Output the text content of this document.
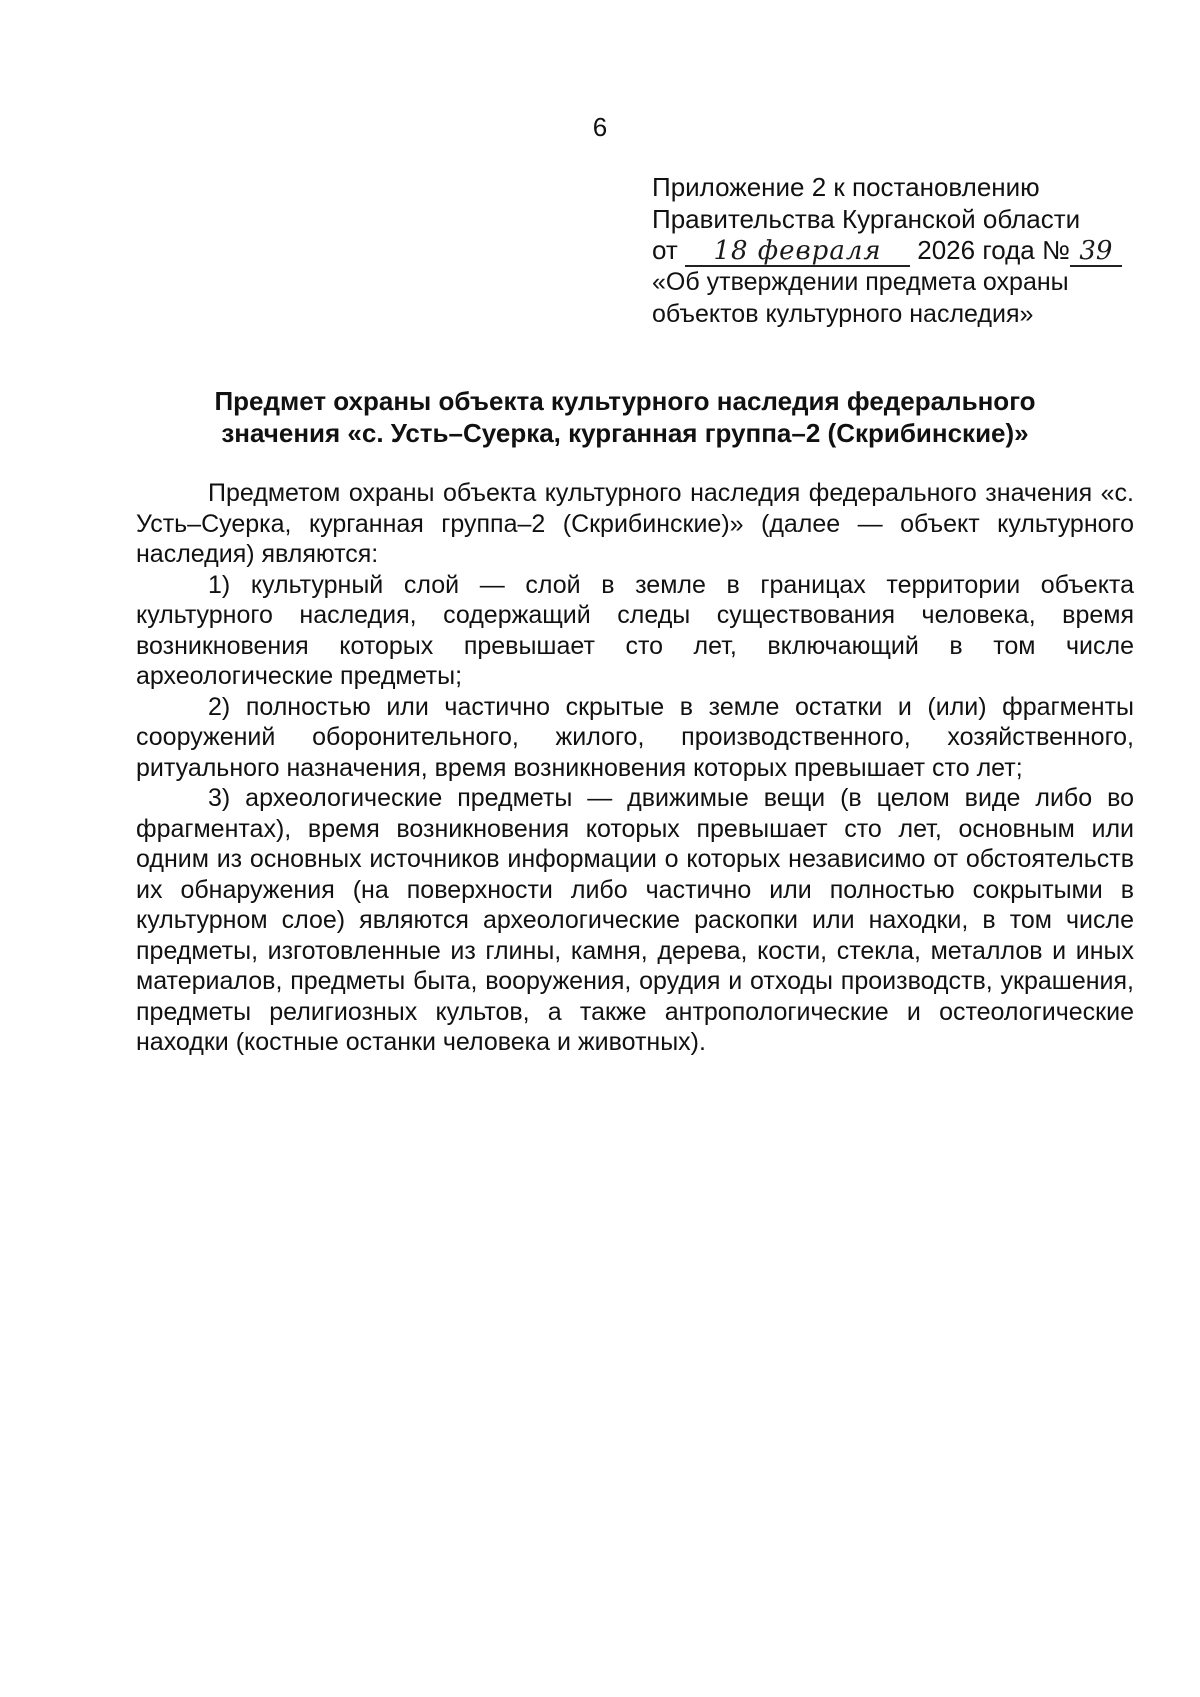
6
Приложение 2 к постановлению
Правительства Курганской области
от 18 февраля 2026 года № 39
«Об утверждении предмета охраны
объектов культурного наследия»
Предмет охраны объекта культурного наследия федерального
значения «с. Усть–Суерка, курганная группа–2 (Скрибинские)»

Предметом охраны объекта культурного наследия федерального значения «с. Усть–Суерка, курганная группа–2 (Скрибинские)» (далее — объект культурного наследия) являются:

1) культурный слой — слой в земле в границах территории объекта культурного наследия, содержащий следы существования человека, время возникновения которых превышает сто лет, включающий в том числе археологические предметы;

2) полностью или частично скрытые в земле остатки и (или) фрагменты сооружений оборонительного, жилого, производственного, хозяйственного, ритуального назначения, время возникновения которых превышает сто лет;

3) археологические предметы — движимые вещи (в целом виде либо во фрагментах), время возникновения которых превышает сто лет, основным или одним из основных источников информации о которых независимо от обстоятельств их обнаружения (на поверхности либо частично или полностью сокрытыми в культурном слое) являются археологические раскопки или находки, в том числе предметы, изготовленные из глины, камня, дерева, кости, стекла, металлов и иных материалов, предметы быта, вооружения, орудия и отходы производств, украшения, предметы религиозных культов, а также антропологические и остеологические находки (костные останки человека и животных).
